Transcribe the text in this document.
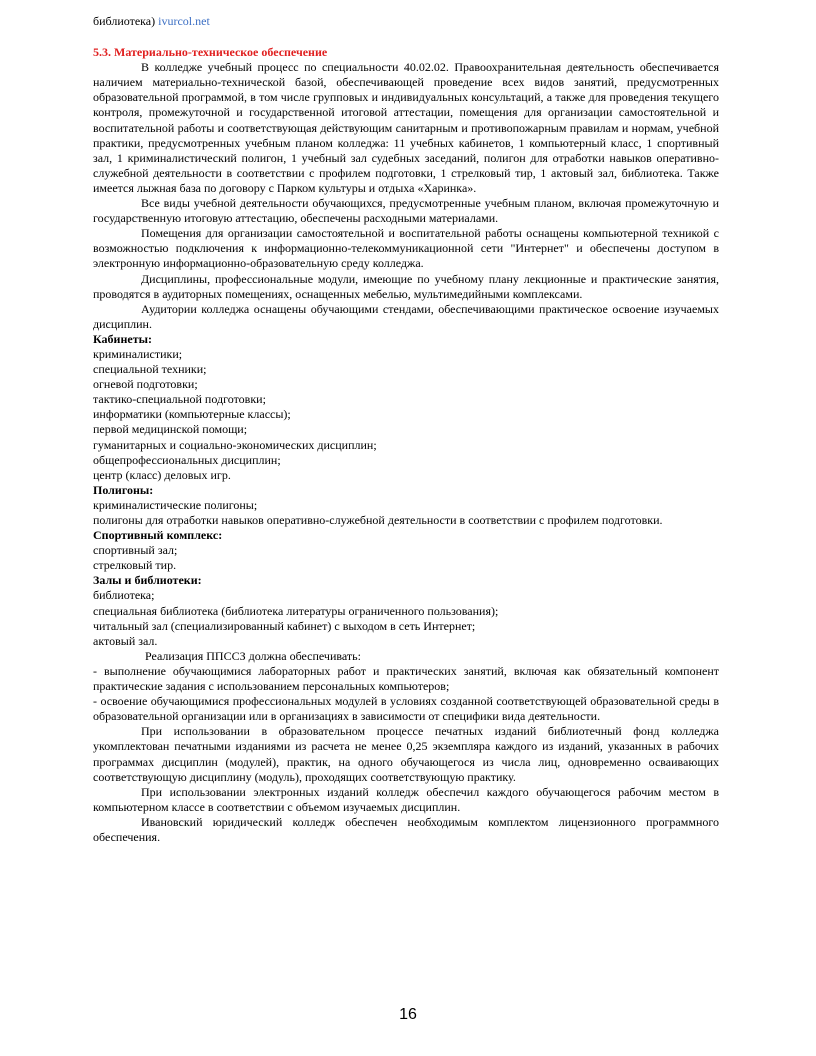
библиотека) ivurcol.net

5.3. Материально-техническое обеспечение

В колледже учебный процесс по специальности 40.02.02. Правоохранительная деятельность обеспечивается наличием материально-технической базой, обеспечивающей проведение всех видов занятий, предусмотренных образовательной программой, в том числе групповых и индивидуальных консультаций, а также для проведения текущего контроля, промежуточной и государственной итоговой аттестации, помещения для организации самостоятельной и воспитательной работы и соответствующая действующим санитарным и противопожарным правилам и нормам, учебной практики, предусмотренных учебным планом колледжа: 11 учебных кабинетов, 1 компьютерный класс, 1 спортивный зал, 1 криминалистический полигон, 1 учебный зал судебных заседаний, полигон для отработки навыков оперативно-служебной деятельности в соответствии с профилем подготовки, 1 стрелковый тир, 1 актовый зал, библиотека. Также имеется лыжная база по договору с Парком культуры и отдыха «Харинка».

Все виды учебной деятельности обучающихся, предусмотренные учебным планом, включая промежуточную и государственную итоговую аттестацию, обеспечены расходными материалами.

Помещения для организации самостоятельной и воспитательной работы оснащены компьютерной техникой с возможностью подключения к информационно-телекоммуникационной сети "Интернет" и обеспечены доступом в электронную информационно-образовательную среду колледжа.

Дисциплины, профессиональные модули, имеющие по учебному плану лекционные и практические занятия, проводятся в аудиторных помещениях, оснащенных мебелью, мультимедийными комплексами.

Аудитории колледжа оснащены обучающими стендами, обеспечивающими практическое освоение изучаемых дисциплин.

Кабинеты:

криминалистики;

специальной техники;

огневой подготовки;

тактико-специальной подготовки;

информатики (компьютерные классы);

первой медицинской помощи;

гуманитарных и социально-экономических дисциплин;

общепрофессиональных дисциплин;

центр (класс) деловых игр.

Полигоны:

криминалистические полигоны;

полигоны для отработки навыков оперативно-служебной деятельности в соответствии с профилем подготовки.

Спортивный комплекс:

спортивный зал;

стрелковый тир.

Залы и библиотеки:

библиотека;

специальная библиотека (библиотека литературы ограниченного пользования);

читальный зал (специализированный кабинет) с выходом в сеть Интернет;

актовый зал.

Реализация ППССЗ должна обеспечивать:

- выполнение обучающимися лабораторных работ и практических занятий, включая как обязательный компонент практические задания с использованием персональных компьютеров;

- освоение обучающимися профессиональных модулей в условиях созданной соответствующей образовательной среды в образовательной организации или в организациях в зависимости от специфики вида деятельности.

При использовании в образовательном процессе печатных изданий библиотечный фонд колледжа укомплектован печатными изданиями из расчета не менее 0,25 экземпляра каждого из изданий, указанных в рабочих программах дисциплин (модулей), практик, на одного обучающегося из числа лиц, одновременно осваивающих соответствующую дисциплину (модуль), проходящих соответствующую практику.

При использовании электронных изданий колледж обеспечил каждого обучающегося рабочим местом в компьютерном классе в соответствии с объемом изучаемых дисциплин.

Ивановский юридический колледж обеспечен необходимым комплектом лицензионного программного обеспечения.

16
